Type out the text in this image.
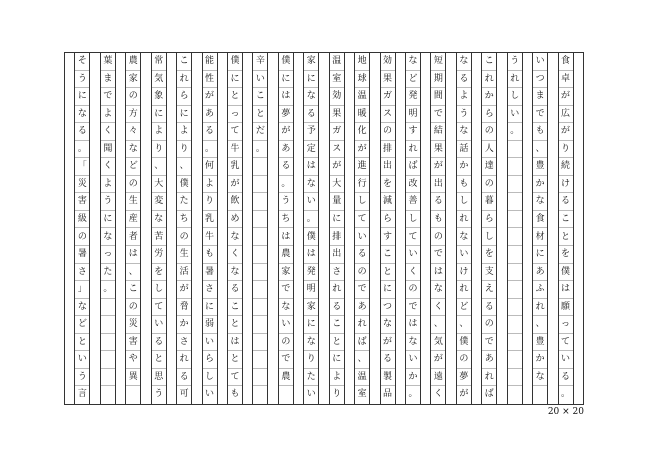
食
卓
が
広
が
り
続
け
る
こ
と
を
僕
は
願
っ
て
い
る
。
い
つ
ま
で
も
、
豊
か
な
食
材
に
あ
ふ
れ
、
豊
か
な
う
れ
し
い
。
こ
れ
か
ら
の
人
達
の
暮
ら
し
を
支
え
る
の
で
あ
れ
ば
な
る
よ
う
な
話
か
も
し
れ
な
い
け
れ
ど
、
僕
の
夢
が
短
期
間
で
結
果
が
出
る
も
の
で
は
な
く
、
気
が
遠
く
な
ど
発
明
す
れ
ば
改
善
し
て
い
く
の
で
は
な
い
か
。
効
果
ガ
ス
の
排
出
を
減
ら
す
こ
と
に
つ
な
が
る
製
品
地
球
温
暖
化
が
進
行
し
て
い
る
の
で
あ
れ
ば
、
温
室
温
室
効
果
ガ
ス
が
大
量
に
排
出
さ
れ
る
こ
と
に
よ
り
家
に
な
る
予
定
は
な
い
。
僕
は
発
明
家
に
な
り
た
い
僕
に
は
夢
が
あ
る
。
う
ち
は
農
家
で
な
い
の
で
農
辛
い
こ
と
だ
。
僕
に
と
っ
て
牛
乳
が
飲
め
な
く
な
る
こ
と
は
と
て
も
能
性
が
あ
る
。
何
よ
り
乳
牛
も
暑
さ
に
弱
い
ら
し
い
こ
れ
ら
に
よ
り
、
僕
た
ち
の
生
活
が
脅
か
さ
れ
る
可
常
気
象
に
よ
り
、
大
変
な
苦
労
を
し
て
い
る
と
思
う
農
家
の
方
々
な
ど
の
生
産
者
は
、
こ
の
災
害
や
異
葉
ま
で
よ
く
聞
く
よ
う
に
な
っ
た
。
そ
う
に
な
る
。
「
災
害
級
の
暑
さ
」
な
ど
と
い
う
言
20 × 20
